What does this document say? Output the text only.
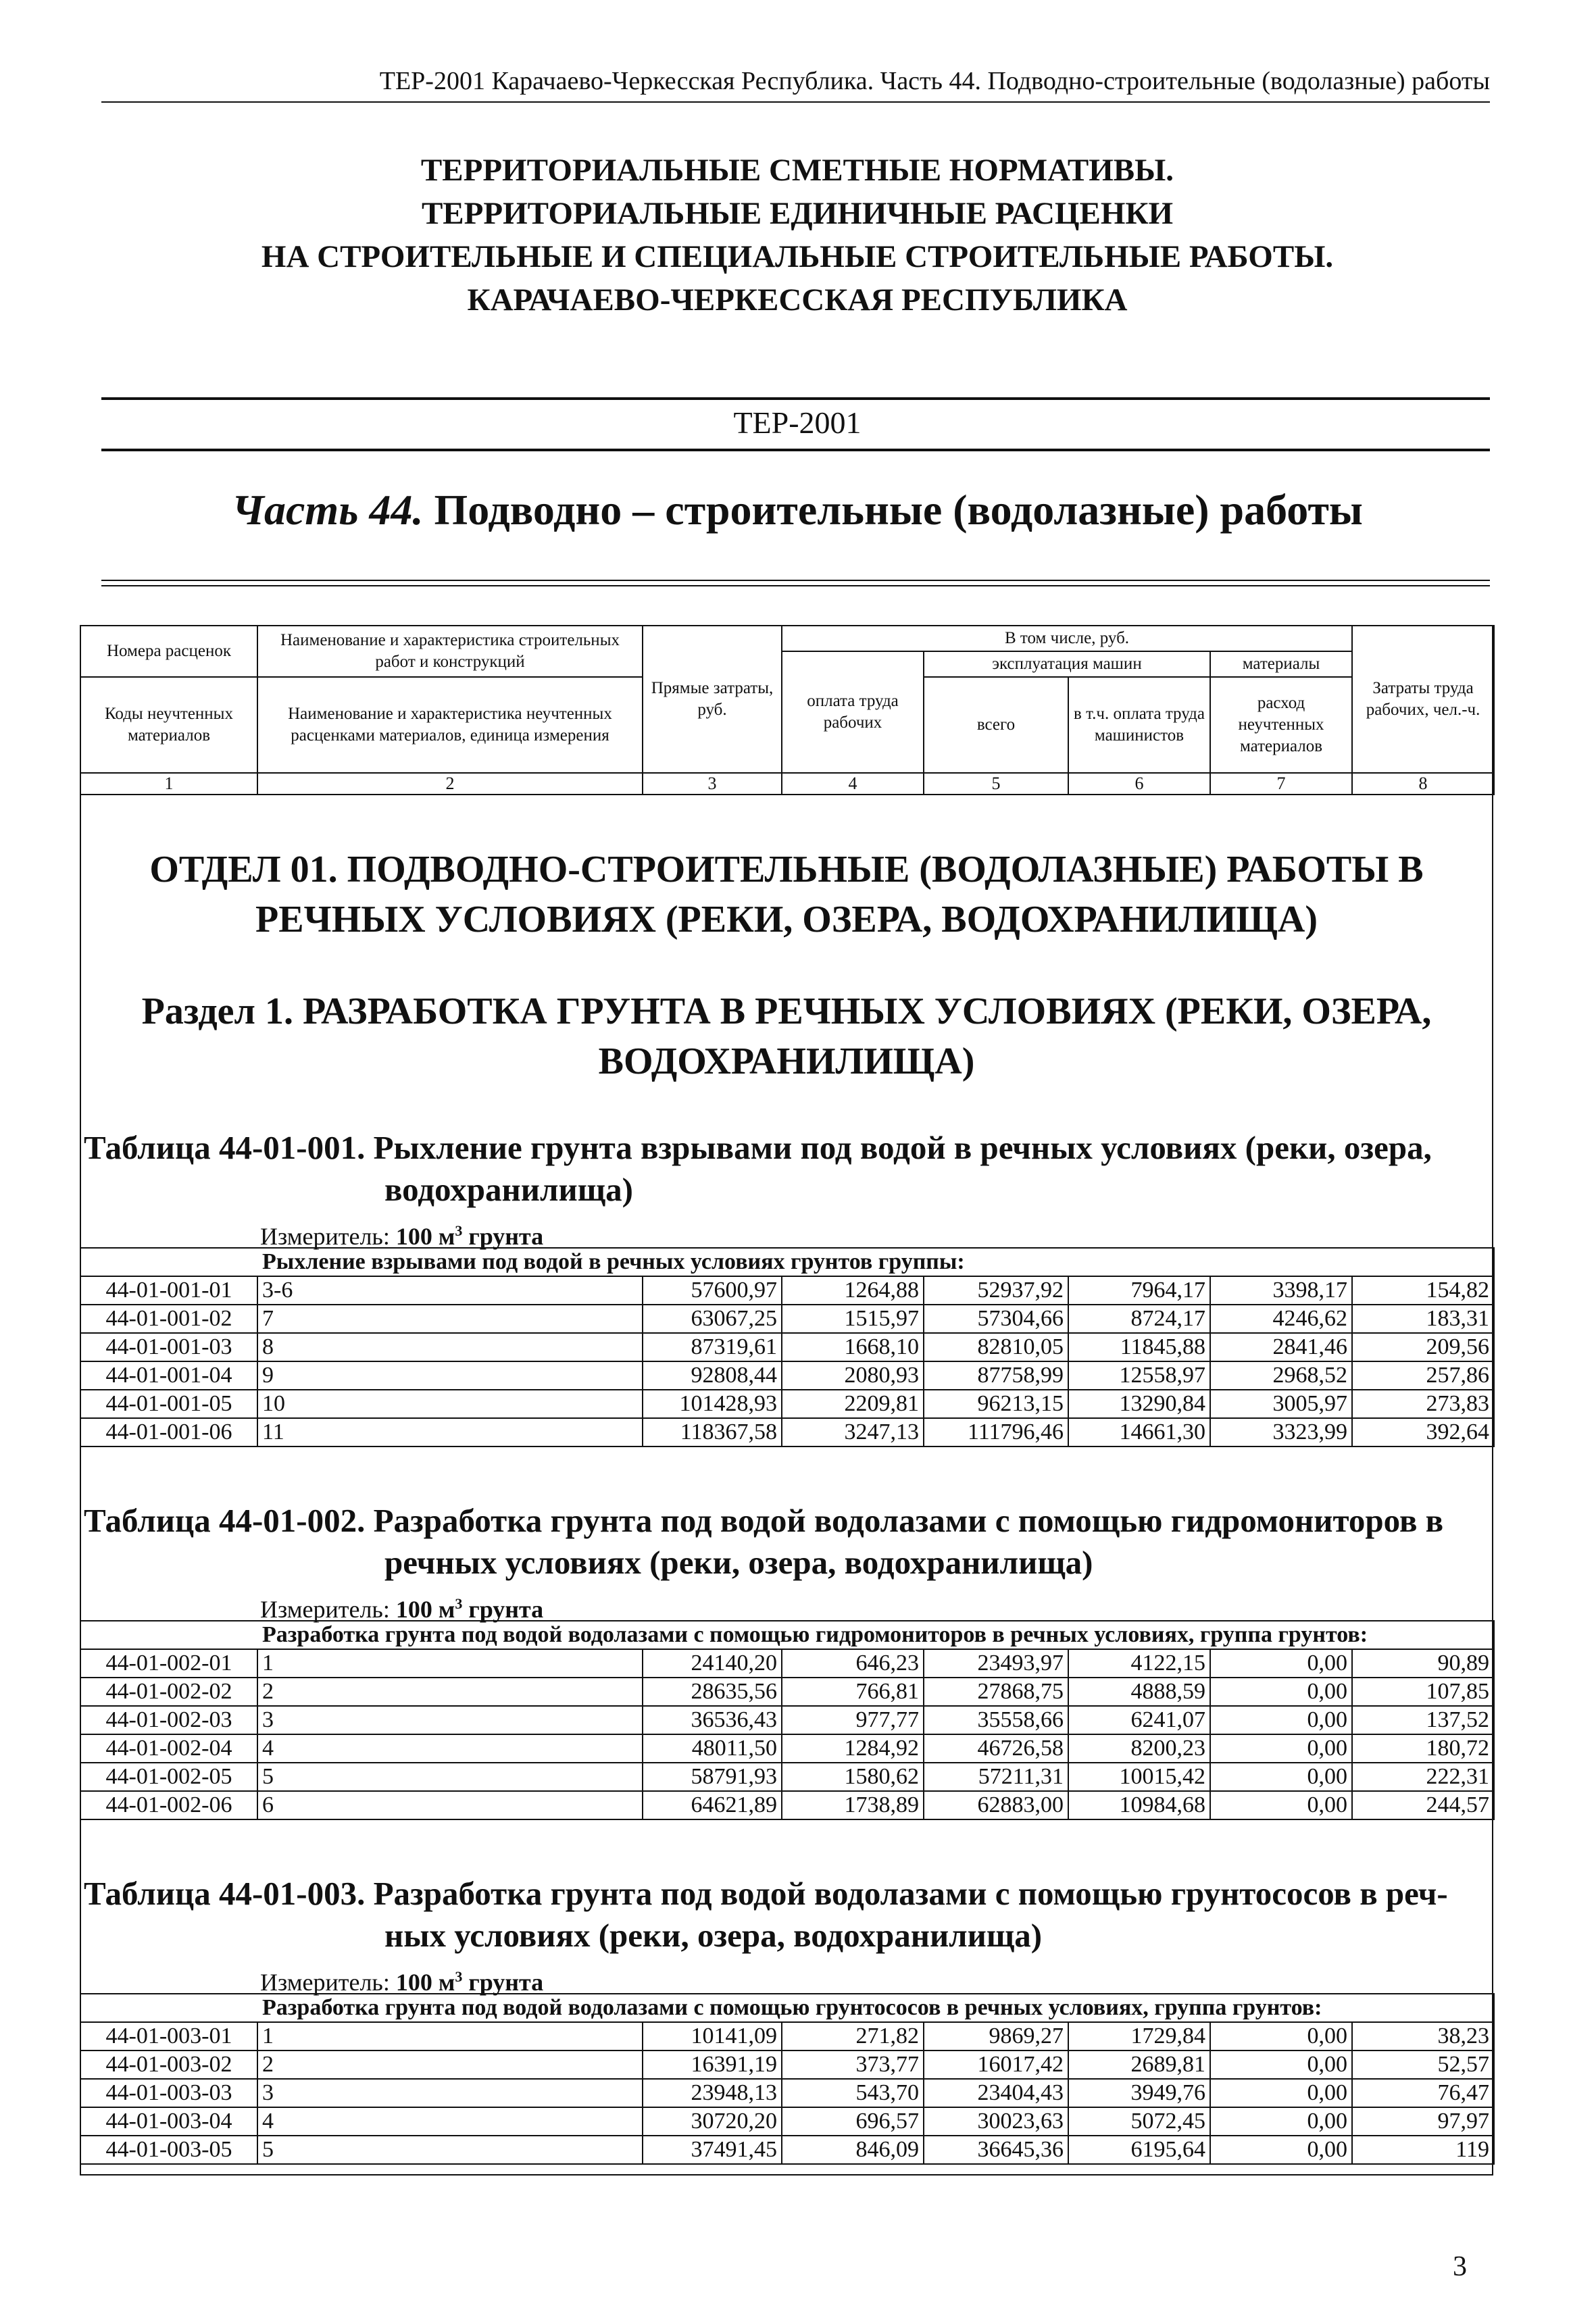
ТЕР-2001 Карачаево-Черкесская Республика. Часть 44. Подводно-строительные (водолазные) работы
ТЕРРИТОРИАЛЬНЫЕ СМЕТНЫЕ НОРМАТИВЫ.
ТЕРРИТОРИАЛЬНЫЕ ЕДИНИЧНЫЕ РАСЦЕНКИ
НА СТРОИТЕЛЬНЫЕ И СПЕЦИАЛЬНЫЕ СТРОИТЕЛЬНЫЕ РАБОТЫ.
КАРАЧАЕВО-ЧЕРКЕССКАЯ РЕСПУБЛИКА
ТЕР-2001
Часть 44. Подводно – строительные (водолазные) работы
Номера расценок	Наименование и характеристика строительных работ и конструкций	Прямые затраты, руб.	В том числе, руб.				Затраты труда рабочих, чел.-ч.
			оплата труда рабочих	эксплуатация машин		материалы	
Коды неучтенных материалов	Наименование и характеристика неучтенных расценками материалов, единица измерения			всего	в т.ч. оплата труда машинистов	расход неучтенных материалов	

1	2	3	4	5	6	7	8
ОТДЕЛ 01. ПОДВОДНО-СТРОИТЕЛЬНЫЕ (ВОДОЛАЗНЫЕ) РАБОТЫ В
РЕЧНЫХ УСЛОВИЯХ (РЕКИ, ОЗЕРА, ВОДОХРАНИЛИЩА)
Раздел 1. РАЗРАБОТКА ГРУНТА В РЕЧНЫХ УСЛОВИЯХ (РЕКИ, ОЗЕРА,
ВОДОХРАНИЛИЩА)
Таблица 44-01-001. Рыхление грунта взрывами под водой в речных условиях (реки, озера,
водохранилища)
Измеритель: 100 $м^3$ грунта
Рыхление взрывами под водой в речных условиях грунтов группы:							
44-01-001-01	3-6	57600,97	1264,88	52937,92	7964,17	3398,17	154,82
44-01-001-02	7	63067,25	1515,97	57304,66	8724,17	4246,62	183,31
44-01-001-03	8	87319,61	1668,10	82810,05	11845,88	2841,46	209,56
44-01-001-04	9	92808,44	2080,93	87758,99	12558,97	2968,52	257,86
44-01-001-05	10	101428,93	2209,81	96213,15	13290,84	3005,97	273,83
44-01-001-06	11	118367,58	3247,13	111796,46	14661,30	3323,99	392,64
Таблица 44-01-002. Разработка грунта под водой водолазами с помощью гидромониторов в
речных условиях (реки, озера, водохранилища)
Измеритель: 100 $м^3$ грунта
Разработка грунта под водой водолазами с помощью гидромониторов в речных условиях, группа грунтов:							
44-01-002-01	1	24140,20	646,23	23493,97	4122,15	0,00	90,89
44-01-002-02	2	28635,56	766,81	27868,75	4888,59	0,00	107,85
44-01-002-03	3	36536,43	977,77	35558,66	6241,07	0,00	137,52
44-01-002-04	4	48011,50	1284,92	46726,58	8200,23	0,00	180,72
44-01-002-05	5	58791,93	1580,62	57211,31	10015,42	0,00	222,31
44-01-002-06	6	64621,89	1738,89	62883,00	10984,68	0,00	244,57
Таблица 44-01-003. Разработка грунта под водой водолазами с помощью грунтососов в реч-
ных условиях (реки, озера, водохранилища)
Измеритель: 100 $м^3$ грунта
Разработка грунта под водой водолазами с помощью грунтососов в речных условиях, группа грунтов:							
44-01-003-01	1	10141,09	271,82	9869,27	1729,84	0,00	38,23
44-01-003-02	2	16391,19	373,77	16017,42	2689,81	0,00	52,57
44-01-003-03	3	23948,13	543,70	23404,43	3949,76	0,00	76,47
44-01-003-04	4	30720,20	696,57	30023,63	5072,45	0,00	97,97
44-01-003-05	5	37491,45	846,09	36645,36	6195,64	0,00	119
3
